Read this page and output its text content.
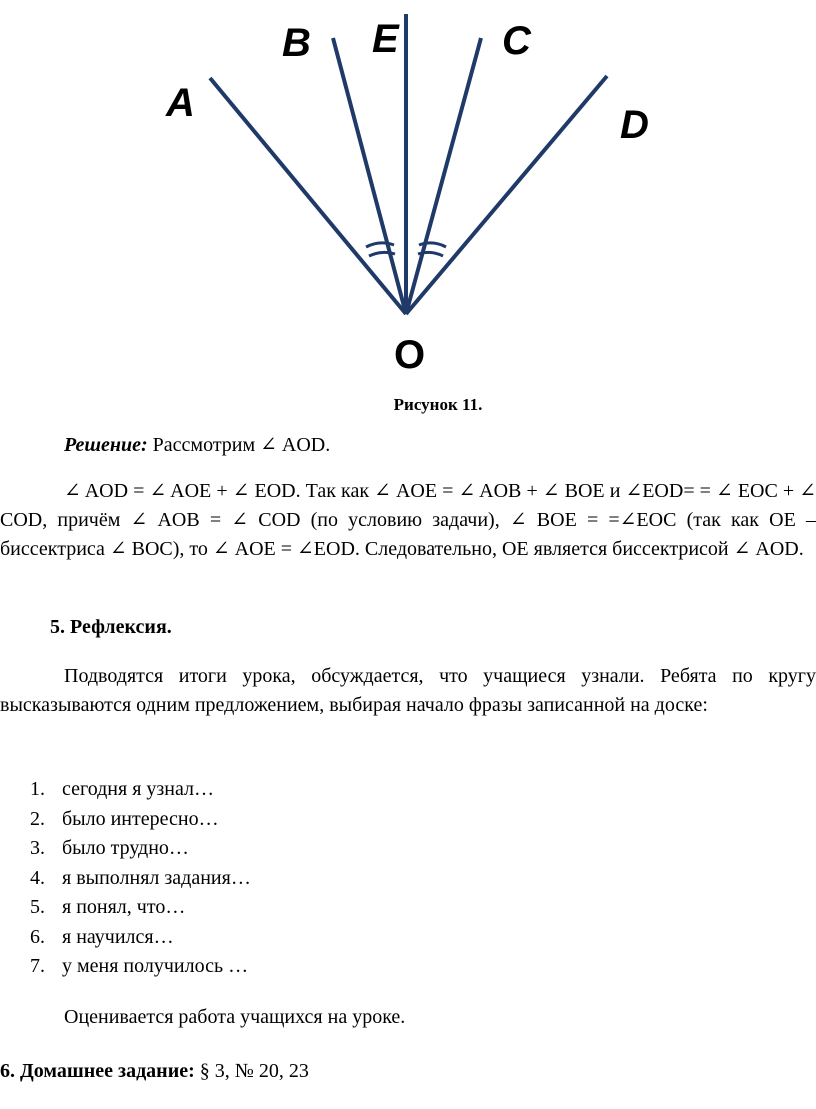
A
B E	C
D
O
Рисунок 11.

Решение: Рассмотрим ∠ AOD.

∠ AOD = ∠ AOE + ∠ EOD. Так как ∠ AOE = ∠ AOB + ∠ BOE и ∠EOD= = ∠ EOC + ∠ COD, причём ∠ AOB = ∠ COD (по условию задачи), ∠ BOE = =∠EOC (так как OE – биссектриса ∠ BOC), то ∠ AOE = ∠EOD. Следовательно, OE является биссектрисой ∠ AOD.

5. Рефлексия.

Подводятся итоги урока, обсуждается, что учащиеся узнали. Ребята по кругу высказываются одним предложением, выбирая начало фразы записанной на доске:

1. сегодня я узнал…
2. было интересно…
3. было трудно…
4. я выполнял задания…
5. я понял, что…
6. я научился…
7. у меня получилось …

Оценивается работа учащихся на уроке.

6. Домашнее задание: § 3, № 20, 23
